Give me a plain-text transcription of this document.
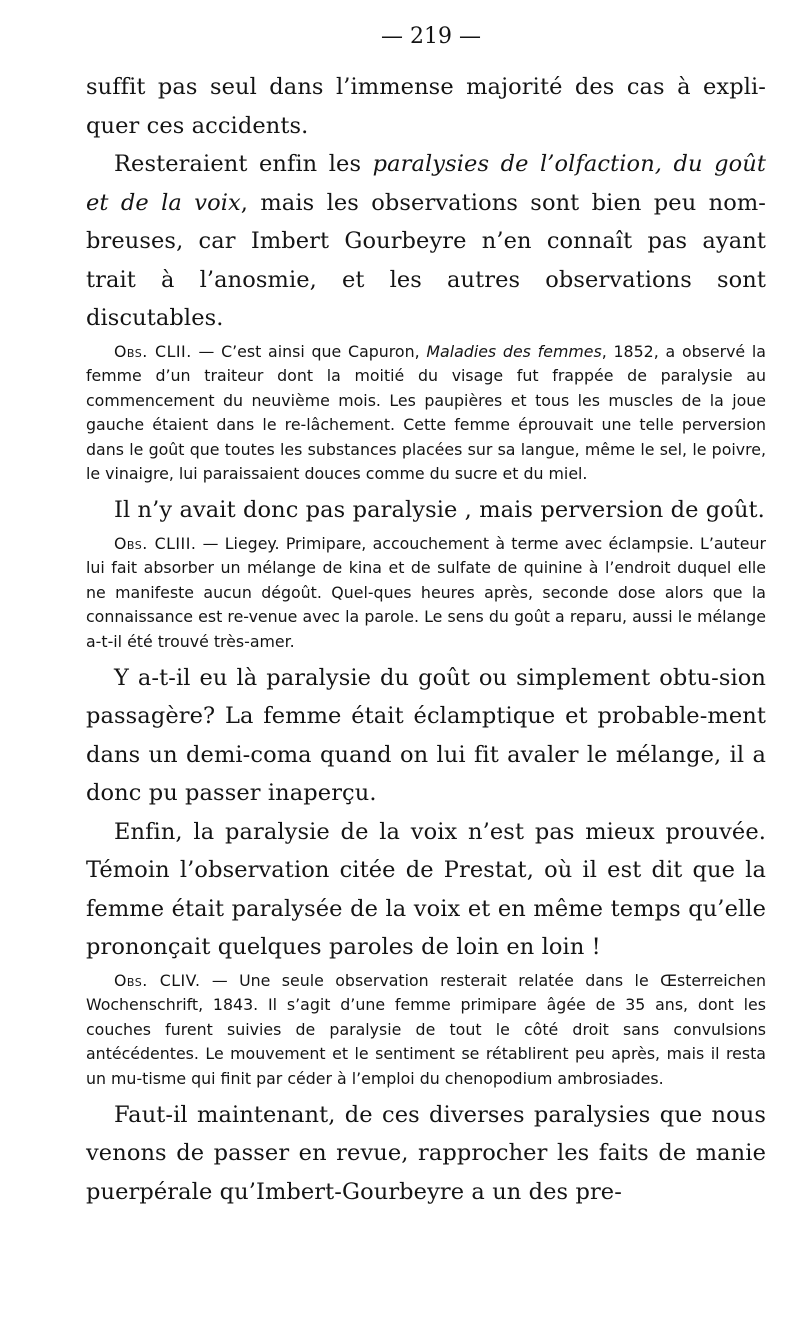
— 219 —

suffit pas seul dans l’immense majorité des cas à expli-quer ces accidents.

Resteraient enfin les paralysies de l’olfaction, du goût et de la voix, mais les observations sont bien peu nom-breuses, car Imbert Gourbeyre n’en connaît pas ayant trait à l’anosmie, et les autres observations sont discutables.

Obs. CLII. — C’est ainsi que Capuron, Maladies des femmes, 1852, a observé la femme d’un traiteur dont la moitié du visage fut frappée de paralysie au commencement du neuvième mois. Les paupières et tous les muscles de la joue gauche étaient dans le re-lâchement. Cette femme éprouvait une telle perversion dans le goût que toutes les substances placées sur sa langue, même le sel, le poivre, le vinaigre, lui paraissaient douces comme du sucre et du miel.

Il n’y avait donc pas paralysie , mais perversion de goût.

Obs. CLIII. — Liegey. Primipare, accouchement à terme avec éclampsie. L’auteur lui fait absorber un mélange de kina et de sulfate de quinine à l’endroit duquel elle ne manifeste aucun dégoût. Quel-ques heures après, seconde dose alors que la connaissance est re-venue avec la parole. Le sens du goût a reparu, aussi le mélange a-t-il été trouvé très-amer.

Y a-t-il eu là paralysie du goût ou simplement obtu-sion passagère? La femme était éclamptique et probable-ment dans un demi-coma quand on lui fit avaler le mélange, il a donc pu passer inaperçu.

Enfin, la paralysie de la voix n’est pas mieux prouvée. Témoin l’observation citée de Prestat, où il est dit que la femme était paralysée de la voix et en même temps qu’elle prononçait quelques paroles de loin en loin !

Obs. CLIV. — Une seule observation resterait relatée dans le Œsterreichen Wochenschrift, 1843. Il s’agit d’une femme primipare âgée de 35 ans, dont les couches furent suivies de paralysie de tout le côté droit sans convulsions antécédentes. Le mouvement et le sentiment se rétablirent peu après, mais il resta un mu-tisme qui finit par céder à l’emploi du chenopodium ambrosiades.

Faut-il maintenant, de ces diverses paralysies que nous venons de passer en revue, rapprocher les faits de manie puerpérale qu’Imbert-Gourbeyre a un des pre-
